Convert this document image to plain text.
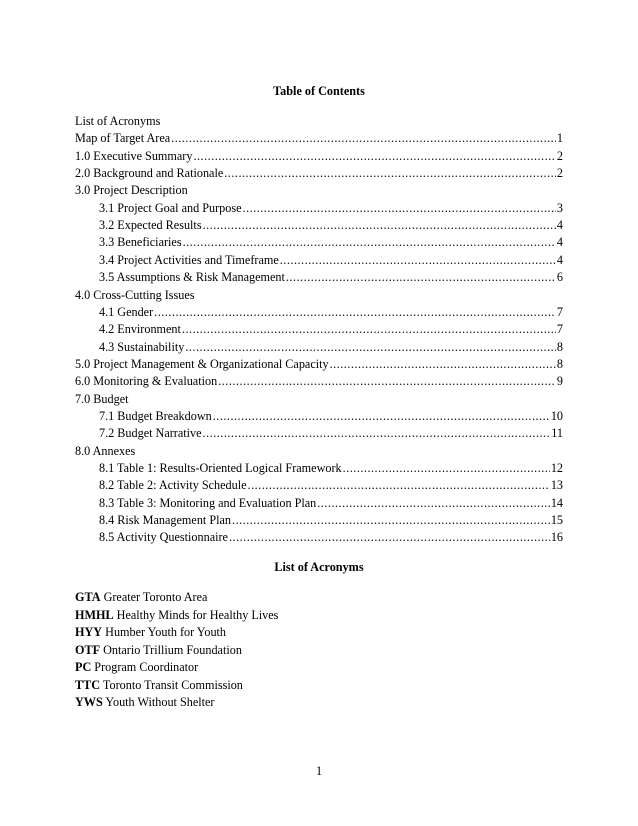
Table of Contents
List of Acronyms
Map of Target Area .....	1
1.0 Executive Summary .....	2
2.0 Background and Rationale .....	2
3.0 Project Description
3.1 Project Goal and Purpose .....	3
3.2 Expected Results .....	4
3.3 Beneficiaries .....	4
3.4 Project Activities and Timeframe .....	4
3.5 Assumptions & Risk Management .....	6
4.0 Cross-Cutting Issues
4.1 Gender .....	7
4.2 Environment .....	7
4.3 Sustainability .....	8
5.0 Project Management & Organizational Capacity .....	8
6.0 Monitoring & Evaluation .....	9
7.0 Budget
7.1 Budget Breakdown .....	10
7.2 Budget Narrative .....	11
8.0 Annexes
8.1 Table 1: Results-Oriented Logical Framework .....	12
8.2 Table 2: Activity Schedule .....	13
8.3 Table 3: Monitoring and Evaluation Plan .....	14
8.4 Risk Management Plan .....	15
8.5 Activity Questionnaire .....	16
List of Acronyms
GTA Greater Toronto Area
HMHL Healthy Minds for Healthy Lives
HYY Humber Youth for Youth
OTF Ontario Trillium Foundation
PC Program Coordinator
TTC Toronto Transit Commission
YWS Youth Without Shelter
1
